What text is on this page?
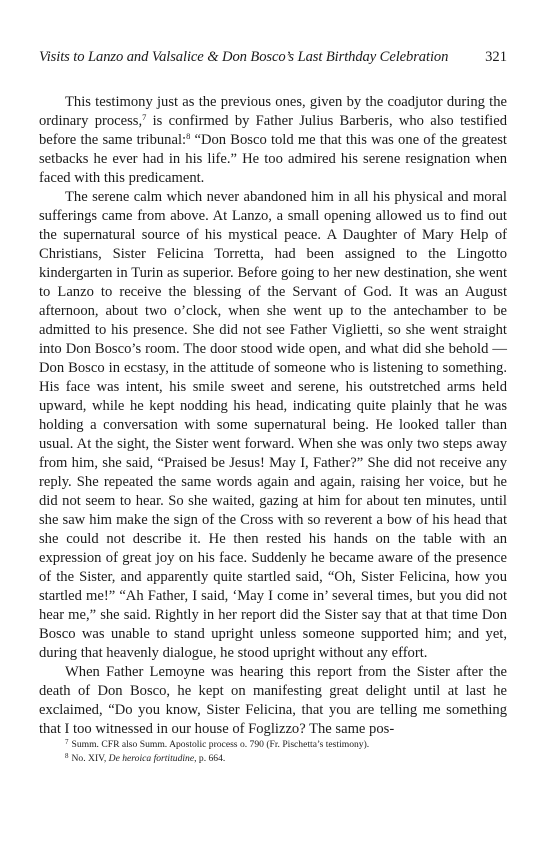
Visits to Lanzo and Valsalice & Don Bosco’s Last Birthday Celebration	321

This testimony just as the previous ones, given by the coadjutor during the ordinary process,$^7$ is confirmed by Father Julius Barberis, who also testified before the same tribunal:$^8$ “Don Bosco told me that this was one of the greatest setbacks he ever had in his life.” He too admired his serene resignation when faced with this predicament.

The serene calm which never abandoned him in all his physical and moral sufferings came from above. At Lanzo, a small opening allowed us to find out the supernatural source of his mystical peace. A Daughter of Mary Help of Christians, Sister Felicina Torretta, had been assigned to the Lingotto kindergarten in Turin as superior. Before going to her new destination, she went to Lanzo to receive the blessing of the Servant of God. It was an August afternoon, about two o’clock, when she went up to the antechamber to be admitted to his presence. She did not see Father Viglietti, so she went straight into Don Bosco’s room. The door stood wide open, and what did she behold — Don Bosco in ecstasy, in the attitude of someone who is listening to something. His face was intent, his smile sweet and serene, his outstretched arms held upward, while he kept nodding his head, indicating quite plainly that he was holding a conversation with some supernatural being. He looked taller than usual. At the sight, the Sister went forward. When she was only two steps away from him, she said, “Praised be Jesus! May I, Father?” She did not receive any reply. She repeated the same words again and again, raising her voice, but he did not seem to hear. So she waited, gazing at him for about ten minutes, until she saw him make the sign of the Cross with so reverent a bow of his head that she could not describe it. He then rested his hands on the table with an expression of great joy on his face. Suddenly he became aware of the presence of the Sister, and apparently quite startled said, “Oh, Sister Felicina, how you startled me!” “Ah Father, I said, ‘May I come in’ several times, but you did not hear me,” she said. Rightly in her report did the Sister say that at that time Don Bosco was unable to stand upright unless someone supported him; and yet, during that heavenly dialogue, he stood upright without any effort.

When Father Lemoyne was hearing this report from the Sister after the death of Don Bosco, he kept on manifesting great delight until at last he exclaimed, “Do you know, Sister Felicina, that you are telling me something that I too witnessed in our house of Foglizzo? The same pos-

$^7$ Summ. CFR also Summ. Apostolic process o. 790 (Fr. Pischetta’s testimony).
$^8$ No. XIV, De heroica fortitudine, p. 664.
